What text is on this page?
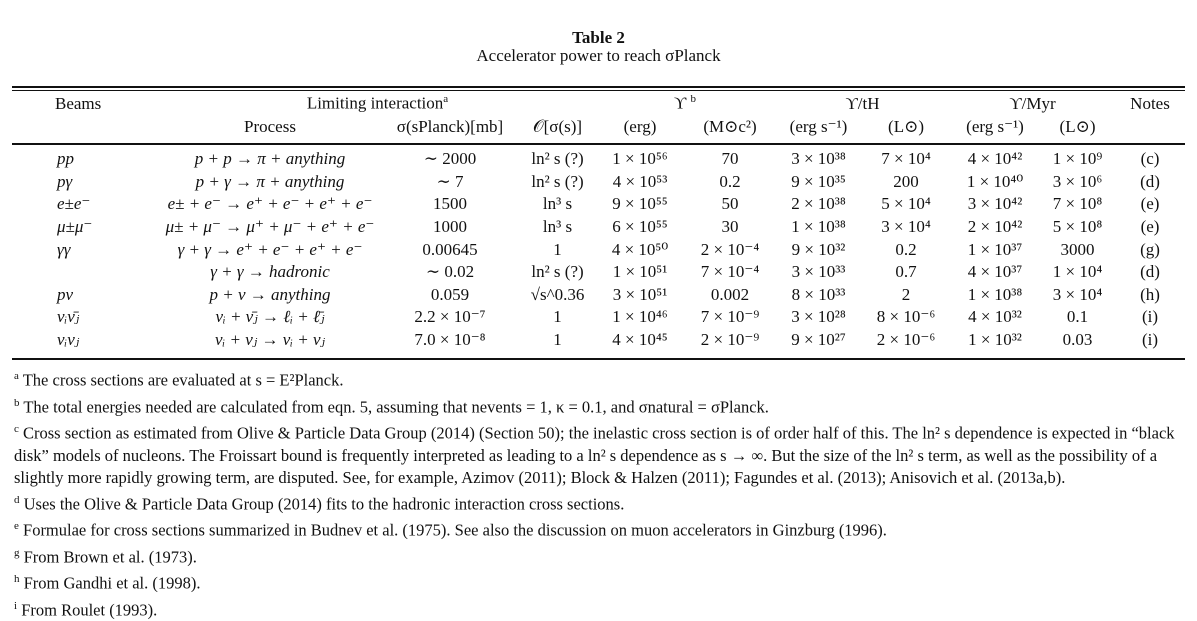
Table 2
Accelerator power to reach σPlanck
Beams	Limiting interaction$^a$			ϒ $^b$		ϒ/tH		ϒ/Myr		Notes
	Process	σ(sPlanck)[mb]	𝒪[σ(s)]	(erg)	(M⊙c²)	(erg s⁻¹)	(L⊙)	(erg s⁻¹)	(L⊙)	

pp	p + p → π + anything	∼ 2000	ln² s (?)	1 × 10⁵⁶	70	3 × 10³⁸	7 × 10⁴	4 × 10⁴²	1 × 10⁹	(c)
pγ	p + γ → π + anything	∼ 7	ln² s (?)	4 × 10⁵³	0.2	9 × 10³⁵	200	1 × 10⁴⁰	3 × 10⁶	(d)
e±e⁻	e± + e⁻ → e⁺ + e⁻ + e⁺ + e⁻	1500	ln³ s	9 × 10⁵⁵	50	2 × 10³⁸	5 × 10⁴	3 × 10⁴²	7 × 10⁸	(e)
μ±μ⁻	μ± + μ⁻ → μ⁺ + μ⁻ + e⁺ + e⁻	1000	ln³ s	6 × 10⁵⁵	30	1 × 10³⁸	3 × 10⁴	2 × 10⁴²	5 × 10⁸	(e)
γγ	γ + γ → e⁺ + e⁻ + e⁺ + e⁻	0.00645	1	4 × 10⁵⁰	2 × 10⁻⁴	9 × 10³²	0.2	1 × 10³⁷	3000	(g)
	γ + γ → hadronic	∼ 0.02	ln² s (?)	1 × 10⁵¹	7 × 10⁻⁴	3 × 10³³	0.7	4 × 10³⁷	1 × 10⁴	(d)
pν	p + ν → anything	0.059	√s^0.36	3 × 10⁵¹	0.002	8 × 10³³	2	1 × 10³⁸	3 × 10⁴	(h)
νᵢν̄ⱼ	νᵢ + ν̄ⱼ → ℓᵢ + ℓ̄ⱼ	2.2 × 10⁻⁷	1	1 × 10⁴⁶	7 × 10⁻⁹	3 × 10²⁸	8 × 10⁻⁶	4 × 10³²	0.1	(i)
νᵢνⱼ	νᵢ + νⱼ → νᵢ + νⱼ	7.0 × 10⁻⁸	1	4 × 10⁴⁵	2 × 10⁻⁹	9 × 10²⁷	2 × 10⁻⁶	1 × 10³²	0.03	(i)
$^a$ The cross sections are evaluated at s = E²Planck.
$^b$ The total energies needed are calculated from eqn. 5, assuming that nevents = 1, κ = 0.1, and σnatural = σPlanck.
$^c$ Cross section as estimated from Olive & Particle Data Group (2014) (Section 50); the inelastic cross section is of order half of this. The ln² s dependence is expected in “black disk” models of nucleons. The Froissart bound is frequently interpreted as leading to a ln² s dependence as s → ∞. But the size of the ln² s term, as well as the possibility of a slightly more rapidly growing term, are disputed. See, for example, Azimov (2011); Block & Halzen (2011); Fagundes et al. (2013); Anisovich et al. (2013a,b).
$^d$ Uses the Olive & Particle Data Group (2014) fits to the hadronic interaction cross sections.
$^e$ Formulae for cross sections summarized in Budnev et al. (1975). See also the discussion on muon accelerators in Ginzburg (1996).
$^g$ From Brown et al. (1973).
$^h$ From Gandhi et al. (1998).
$^i$ From Roulet (1993).
